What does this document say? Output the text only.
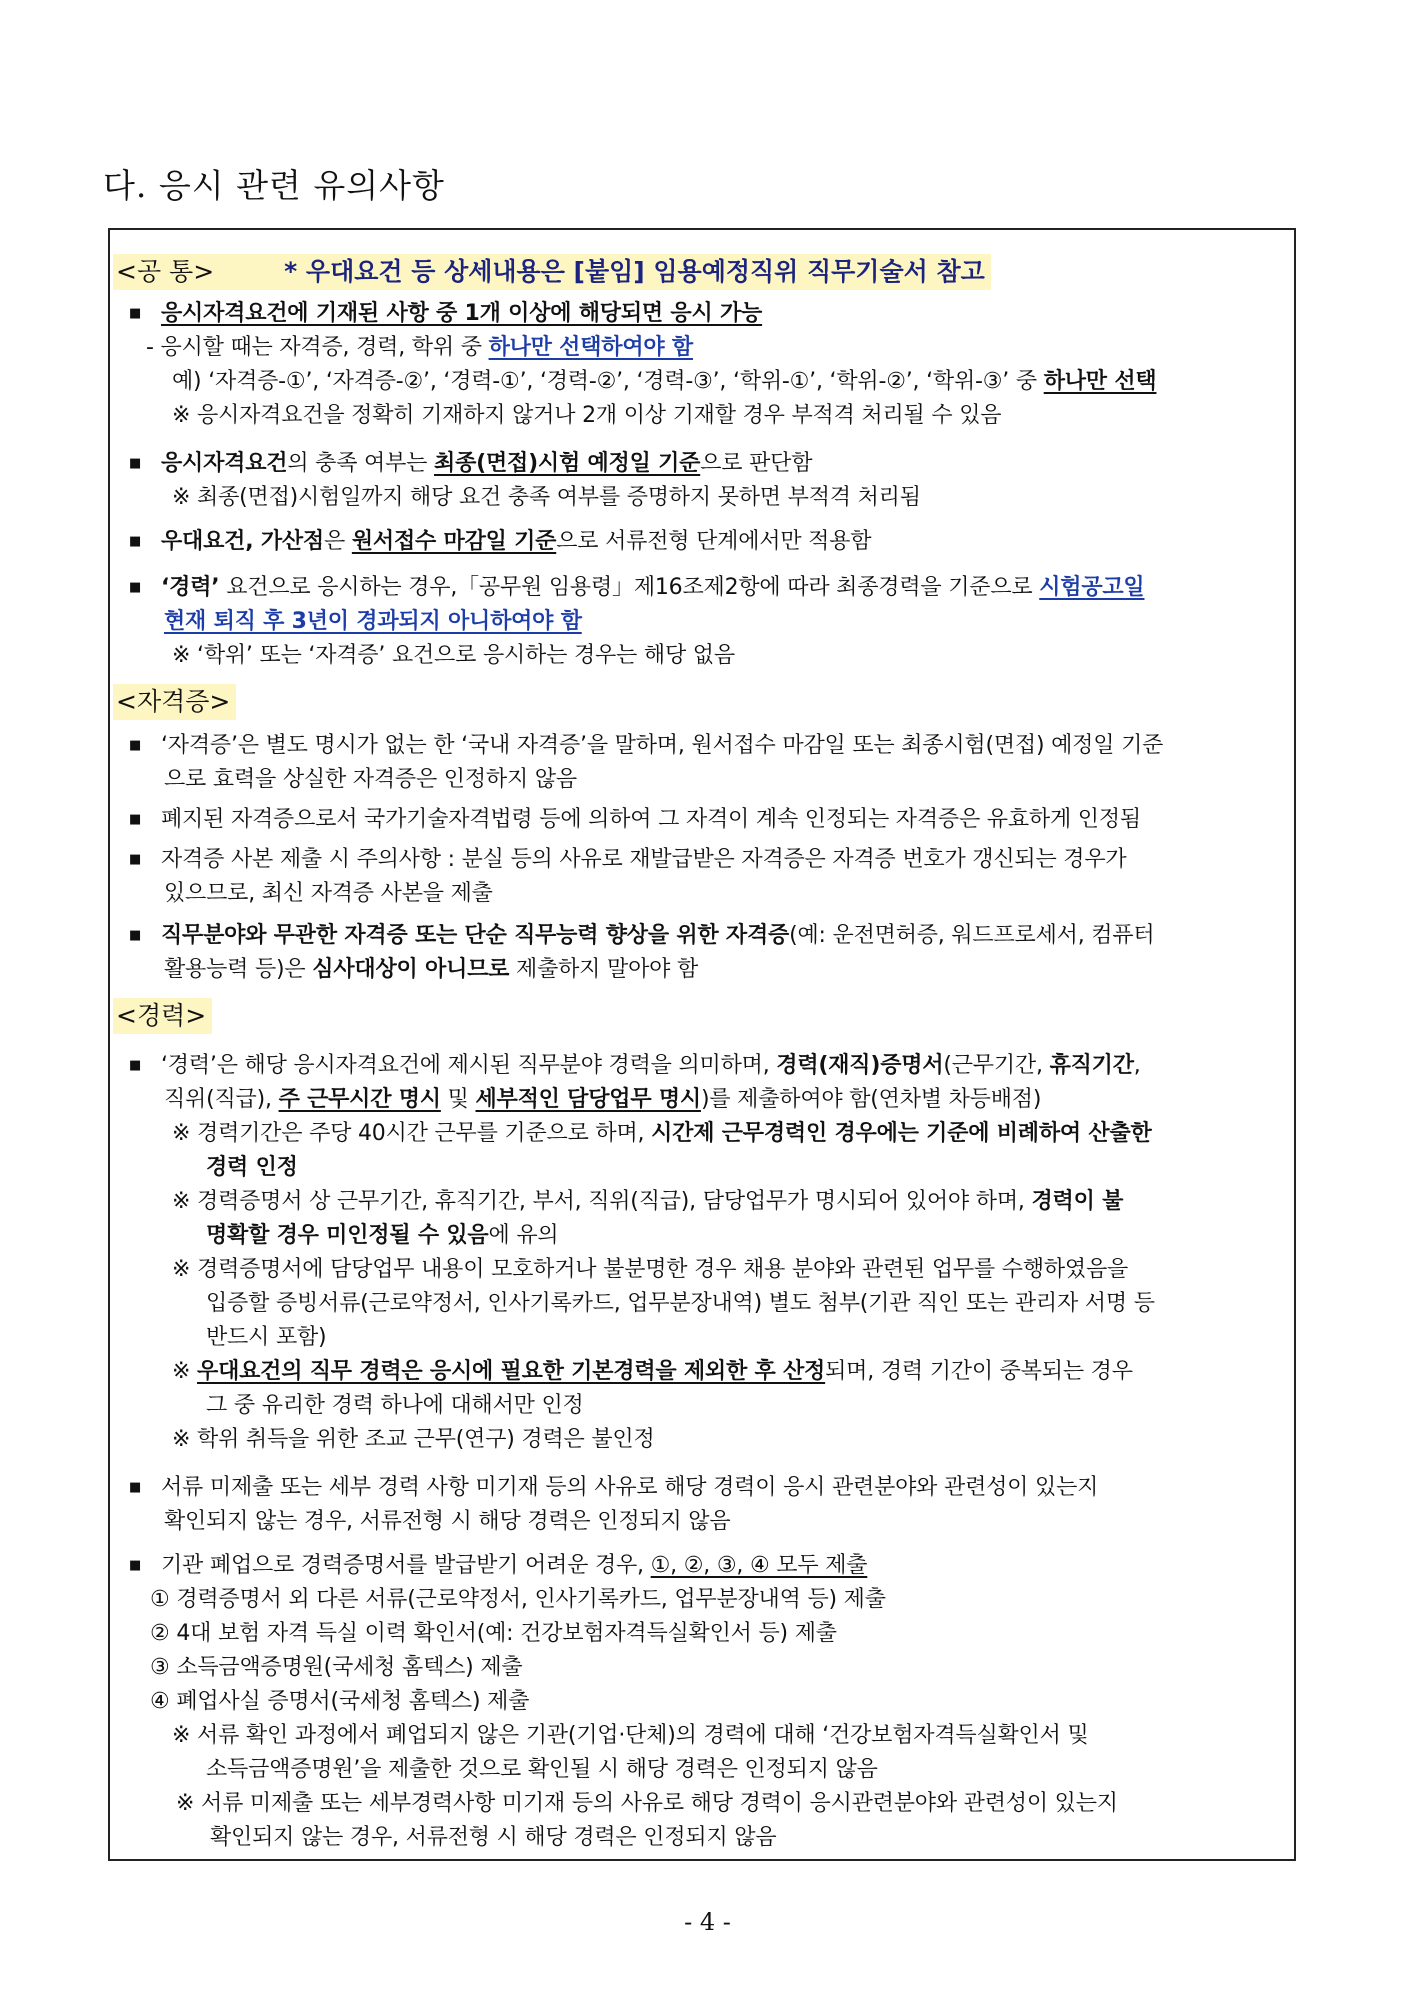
다. 응시 관련 유의사항
<공 통>	* 우대요건 등 상세내용은 [붙임] 임용예정직위 직무기술서 참고
■ 응시자격요건에 기재된 사항 중 1개 이상에 해당되면 응시 가능
- 응시할 때는 자격증, 경력, 학위 중 하나만 선택하여야 함
예) ‘자격증-①’, ‘자격증-②’, ‘경력-①’, ‘경력-②’, ‘경력-③’, ‘학위-①’, ‘학위-②’, ‘학위-③’ 중 하나만 선택
※ 응시자격요건을 정확히 기재하지 않거나 2개 이상 기재할 경우 부적격 처리될 수 있음
■ 응시자격요건의 충족 여부는 최종(면접)시험 예정일 기준으로 판단함
※ 최종(면접)시험일까지 해당 요건 충족 여부를 증명하지 못하면 부적격 처리됨
■ 우대요건, 가산점은 원서접수 마감일 기준으로 서류전형 단계에서만 적용함
■ ‘경력’ 요건으로 응시하는 경우,「공무원 임용령」제16조제2항에 따라 최종경력을 기준으로 시험공고일
현재 퇴직 후 3년이 경과되지 아니하여야 함
※ ‘학위’ 또는 ‘자격증’ 요건으로 응시하는 경우는 해당 없음
<자격증>
■ ‘자격증’은 별도 명시가 없는 한 ‘국내 자격증’을 말하며, 원서접수 마감일 또는 최종시험(면접) 예정일 기준
으로 효력을 상실한 자격증은 인정하지 않음
■ 폐지된 자격증으로서 국가기술자격법령 등에 의하여 그 자격이 계속 인정되는 자격증은 유효하게 인정됨
■ 자격증 사본 제출 시 주의사항 : 분실 등의 사유로 재발급받은 자격증은 자격증 번호가 갱신되는 경우가
있으므로, 최신 자격증 사본을 제출
■ 직무분야와 무관한 자격증 또는 단순 직무능력 향상을 위한 자격증(예: 운전면허증, 워드프로세서, 컴퓨터
활용능력 등)은 심사대상이 아니므로 제출하지 말아야 함
<경력>
■ ‘경력’은 해당 응시자격요건에 제시된 직무분야 경력을 의미하며, 경력(재직)증명서(근무기간, 휴직기간,
직위(직급), 주 근무시간 명시 및 세부적인 담당업무 명시)를 제출하여야 함(연차별 차등배점)
※ 경력기간은 주당 40시간 근무를 기준으로 하며, 시간제 근무경력인 경우에는 기준에 비례하여 산출한
경력 인정
※ 경력증명서 상 근무기간, 휴직기간, 부서, 직위(직급), 담당업무가 명시되어 있어야 하며, 경력이 불
명확할 경우 미인정될 수 있음에 유의
※ 경력증명서에 담당업무 내용이 모호하거나 불분명한 경우 채용 분야와 관련된 업무를 수행하였음을
입증할 증빙서류(근로약정서, 인사기록카드, 업무분장내역) 별도 첨부(기관 직인 또는 관리자 서명 등
반드시 포함)
※ 우대요건의 직무 경력은 응시에 필요한 기본경력을 제외한 후 산정되며, 경력 기간이 중복되는 경우
그 중 유리한 경력 하나에 대해서만 인정
※ 학위 취득을 위한 조교 근무(연구) 경력은 불인정
■ 서류 미제출 또는 세부 경력 사항 미기재 등의 사유로 해당 경력이 응시 관련분야와 관련성이 있는지
확인되지 않는 경우, 서류전형 시 해당 경력은 인정되지 않음
■ 기관 폐업으로 경력증명서를 발급받기 어려운 경우, ①, ②, ③, ④ 모두 제출
① 경력증명서 외 다른 서류(근로약정서, 인사기록카드, 업무분장내역 등) 제출
② 4대 보험 자격 득실 이력 확인서(예: 건강보험자격득실확인서 등) 제출
③ 소득금액증명원(국세청 홈텍스) 제출
④ 폐업사실 증명서(국세청 홈텍스) 제출
※ 서류 확인 과정에서 폐업되지 않은 기관(기업·단체)의 경력에 대해 ‘건강보험자격득실확인서 및
소득금액증명원’을 제출한 것으로 확인될 시 해당 경력은 인정되지 않음
※ 서류 미제출 또는 세부경력사항 미기재 등의 사유로 해당 경력이 응시관련분야와 관련성이 있는지
확인되지 않는 경우, 서류전형 시 해당 경력은 인정되지 않음
- 4 -
